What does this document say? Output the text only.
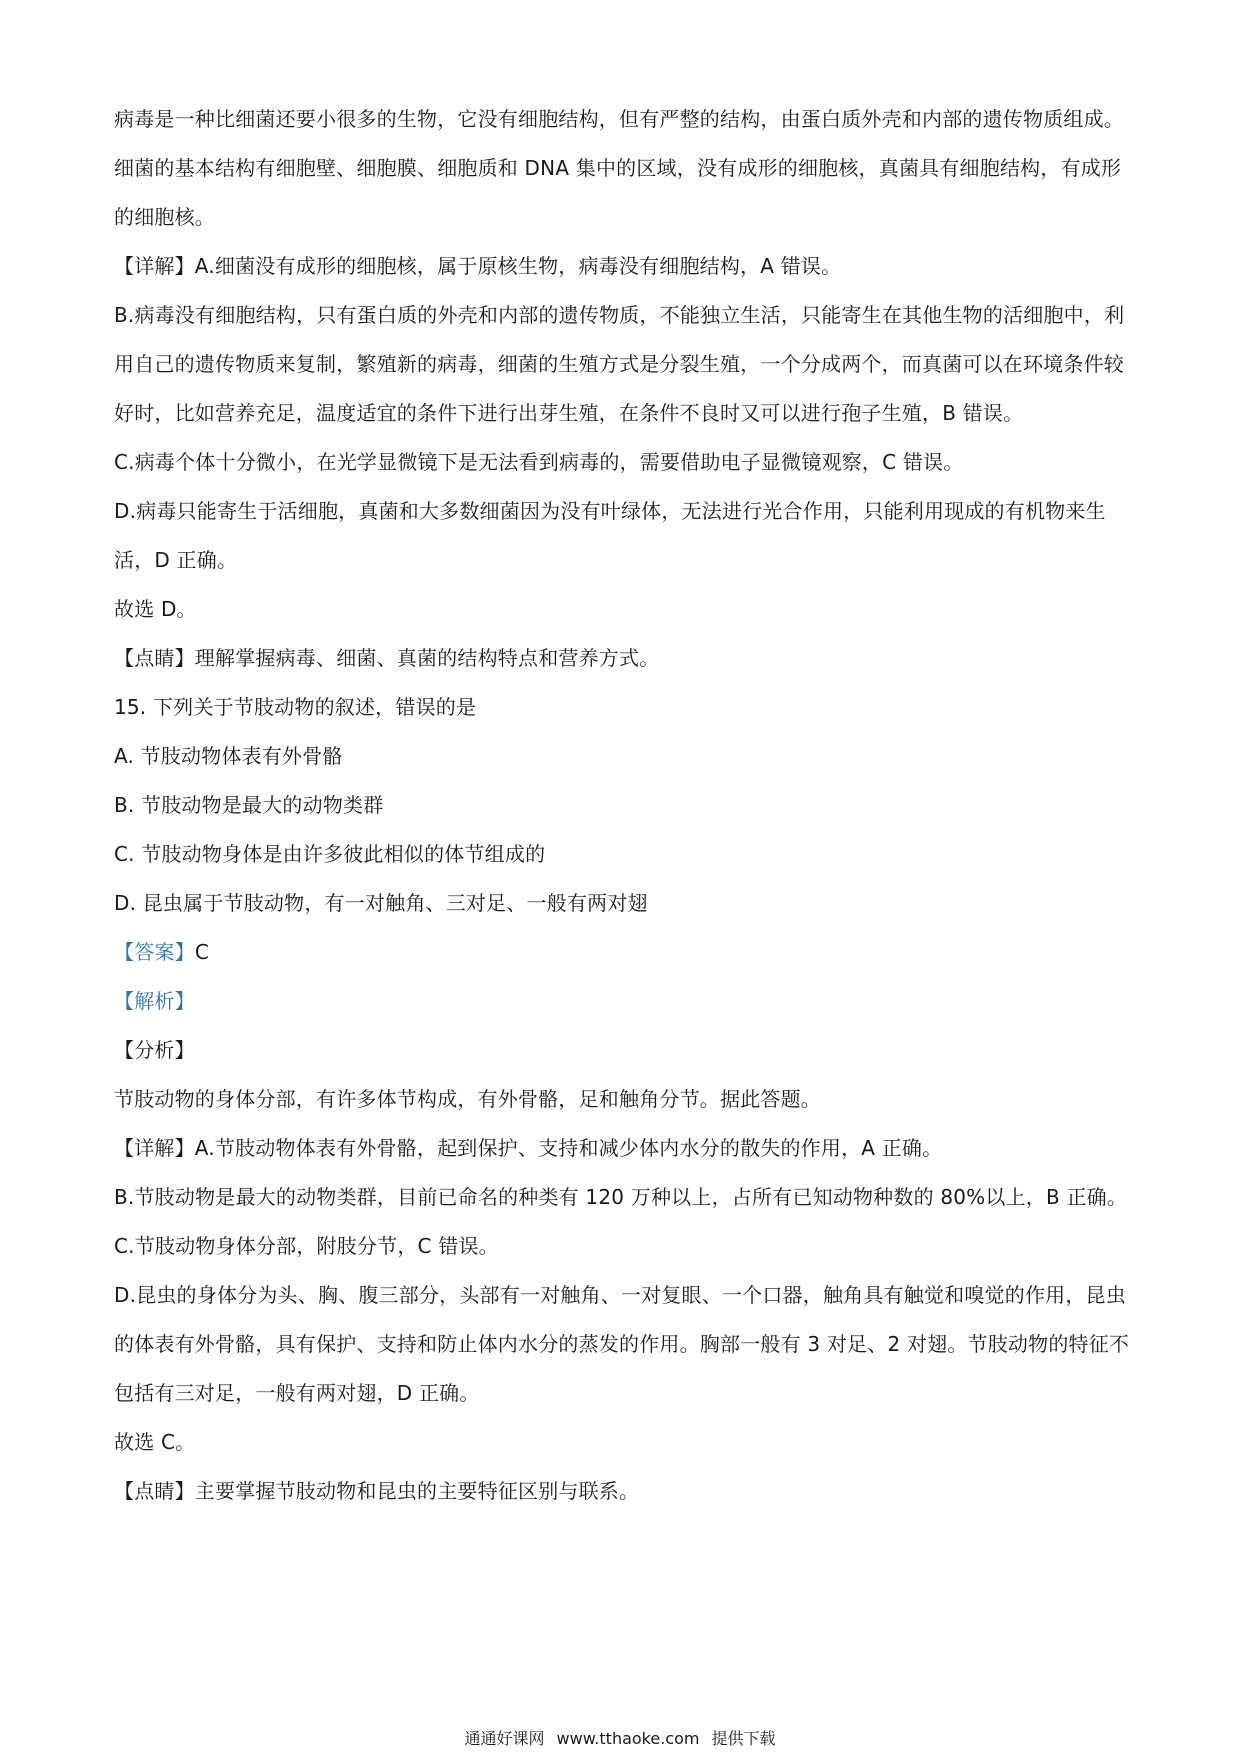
病毒是一种比细菌还要小很多的生物，它没有细胞结构，但有严整的结构，由蛋白质外壳和内部的遗传物质组成。细菌的基本结构有细胞壁、细胞膜、细胞质和 DNA 集中的区域，没有成形的细胞核，真菌具有细胞结构，有成形的细胞核。

【详解】A.细菌没有成形的细胞核，属于原核生物，病毒没有细胞结构，A 错误。

B.病毒没有细胞结构，只有蛋白质的外壳和内部的遗传物质，不能独立生活，只能寄生在其他生物的活细胞中，利用自己的遗传物质来复制，繁殖新的病毒，细菌的生殖方式是分裂生殖，一个分成两个，而真菌可以在环境条件较好时，比如营养充足，温度适宜的条件下进行出芽生殖，在条件不良时又可以进行孢子生殖，B 错误。

C.病毒个体十分微小，在光学显微镜下是无法看到病毒的，需要借助电子显微镜观察，C 错误。

D.病毒只能寄生于活细胞，真菌和大多数细菌因为没有叶绿体，无法进行光合作用，只能利用现成的有机物来生活，D 正确。

故选 D。

【点睛】理解掌握病毒、细菌、真菌的结构特点和营养方式。

15. 下列关于节肢动物的叙述，错误的是

A. 节肢动物体表有外骨骼

B. 节肢动物是最大的动物类群

C. 节肢动物身体是由许多彼此相似的体节组成的

D. 昆虫属于节肢动物，有一对触角、三对足、一般有两对翅

【答案】C

【解析】

【分析】

节肢动物的身体分部，有许多体节构成，有外骨骼，足和触角分节。据此答题。

【详解】A.节肢动物体表有外骨骼，起到保护、支持和减少体内水分的散失的作用，A 正确。

B.节肢动物是最大的动物类群，目前已命名的种类有 120 万种以上，占所有已知动物种数的 80%以上，B 正确。

C.节肢动物身体分部，附肢分节，C 错误。

D.昆虫的身体分为头、胸、腹三部分，头部有一对触角、一对复眼、一个口器，触角具有触觉和嗅觉的作用，昆虫的体表有外骨骼，具有保护、支持和防止体内水分的蒸发的作用。胸部一般有 3 对足、2 对翅。节肢动物的特征不包括有三对足，一般有两对翅，D 正确。

故选 C。

【点睛】主要掌握节肢动物和昆虫的主要特征区别与联系。

通通好课网 www.tthaoke.com 提供下载
